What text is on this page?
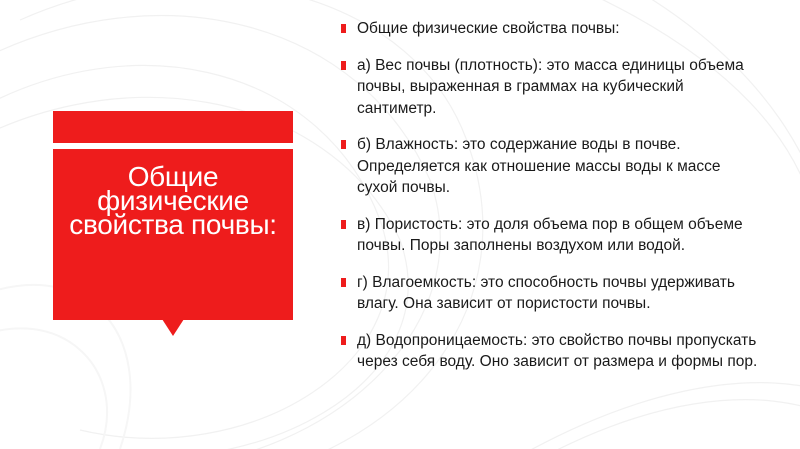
Общие физические свойства почвы:
Общие физические свойства почвы:
а) Вес почвы (плотность): это масса единицы объема почвы, выраженная в граммах на кубический сантиметр.
б) Влажность: это содержание воды в почве. Определяется как отношение массы воды к массе сухой почвы.
в) Пористость: это доля объема пор в общем объеме почвы. Поры заполнены воздухом или водой.
г) Влагоемкость: это способность почвы удерживать влагу. Она зависит от пористости почвы.
д) Водопроницаемость: это свойство почвы пропускать через себя воду. Оно зависит от размера и формы пор.
